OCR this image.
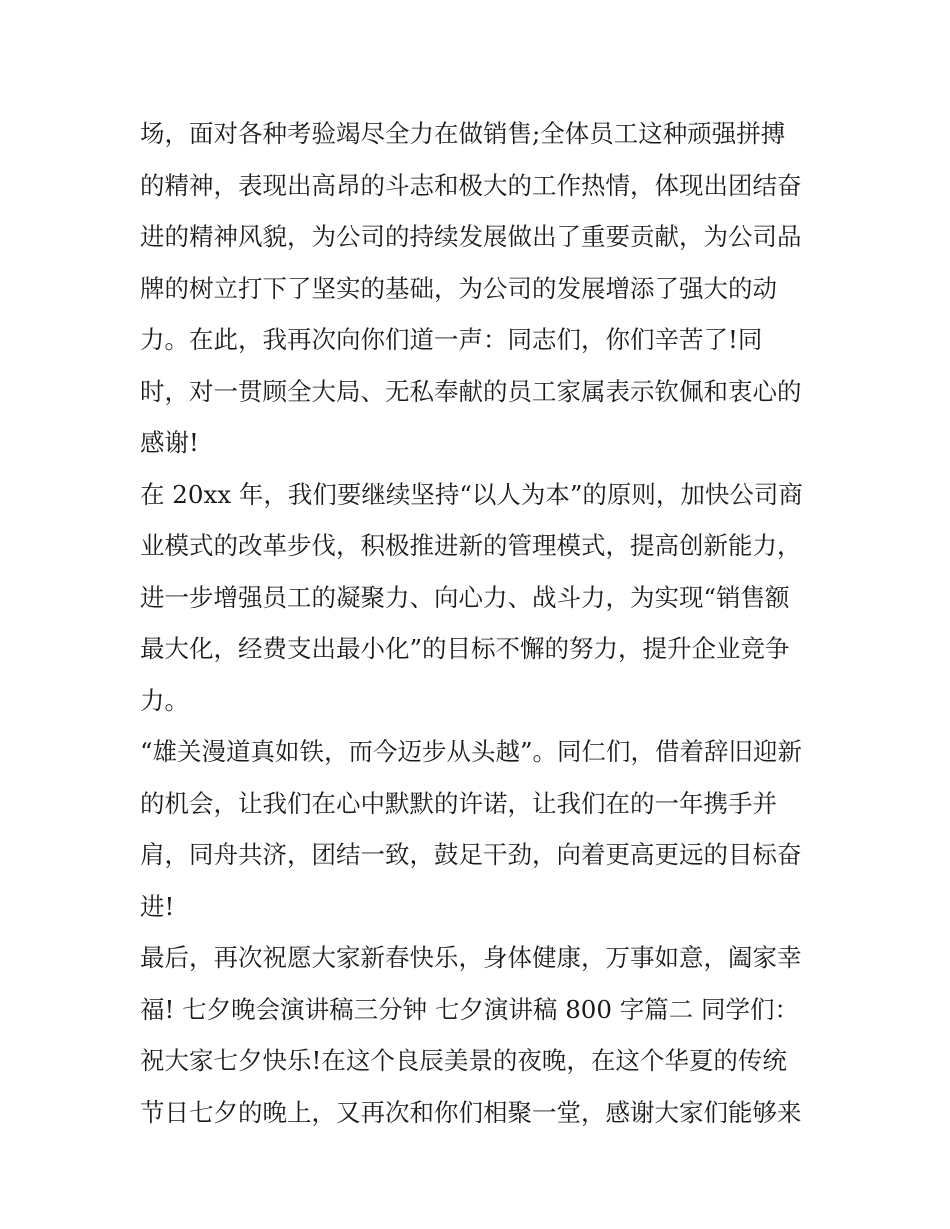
场，面对各种考验竭尽全力在做销售;全体员工这种顽强拼搏
的精神，表现出高昂的斗志和极大的工作热情，体现出团结奋
进的精神风貌，为公司的持续发展做出了重要贡献，为公司品
牌的树立打下了坚实的基础，为公司的发展增添了强大的动
力。在此，我再次向你们道一声：同志们，你们辛苦了!同
时，对一贯顾全大局、无私奉献的员工家属表示钦佩和衷心的
感谢!
在 20xx 年，我们要继续坚持“以人为本”的原则，加快公司商
业模式的改革步伐，积极推进新的管理模式，提高创新能力，
进一步增强员工的凝聚力、向心力、战斗力，为实现“销售额
最大化，经费支出最小化”的目标不懈的努力，提升企业竞争
力。
“雄关漫道真如铁，而今迈步从头越”。同仁们，借着辞旧迎新
的机会，让我们在心中默默的许诺，让我们在的一年携手并
肩，同舟共济，团结一致，鼓足干劲，向着更高更远的目标奋
进!
最后，再次祝愿大家新春快乐，身体健康，万事如意，阖家幸
福! 七夕晚会演讲稿三分钟 七夕演讲稿 800 字篇二 同学们：
祝大家七夕快乐!在这个良辰美景的夜晚，在这个华夏的传统
节日七夕的晚上，又再次和你们相聚一堂，感谢大家们能够来
